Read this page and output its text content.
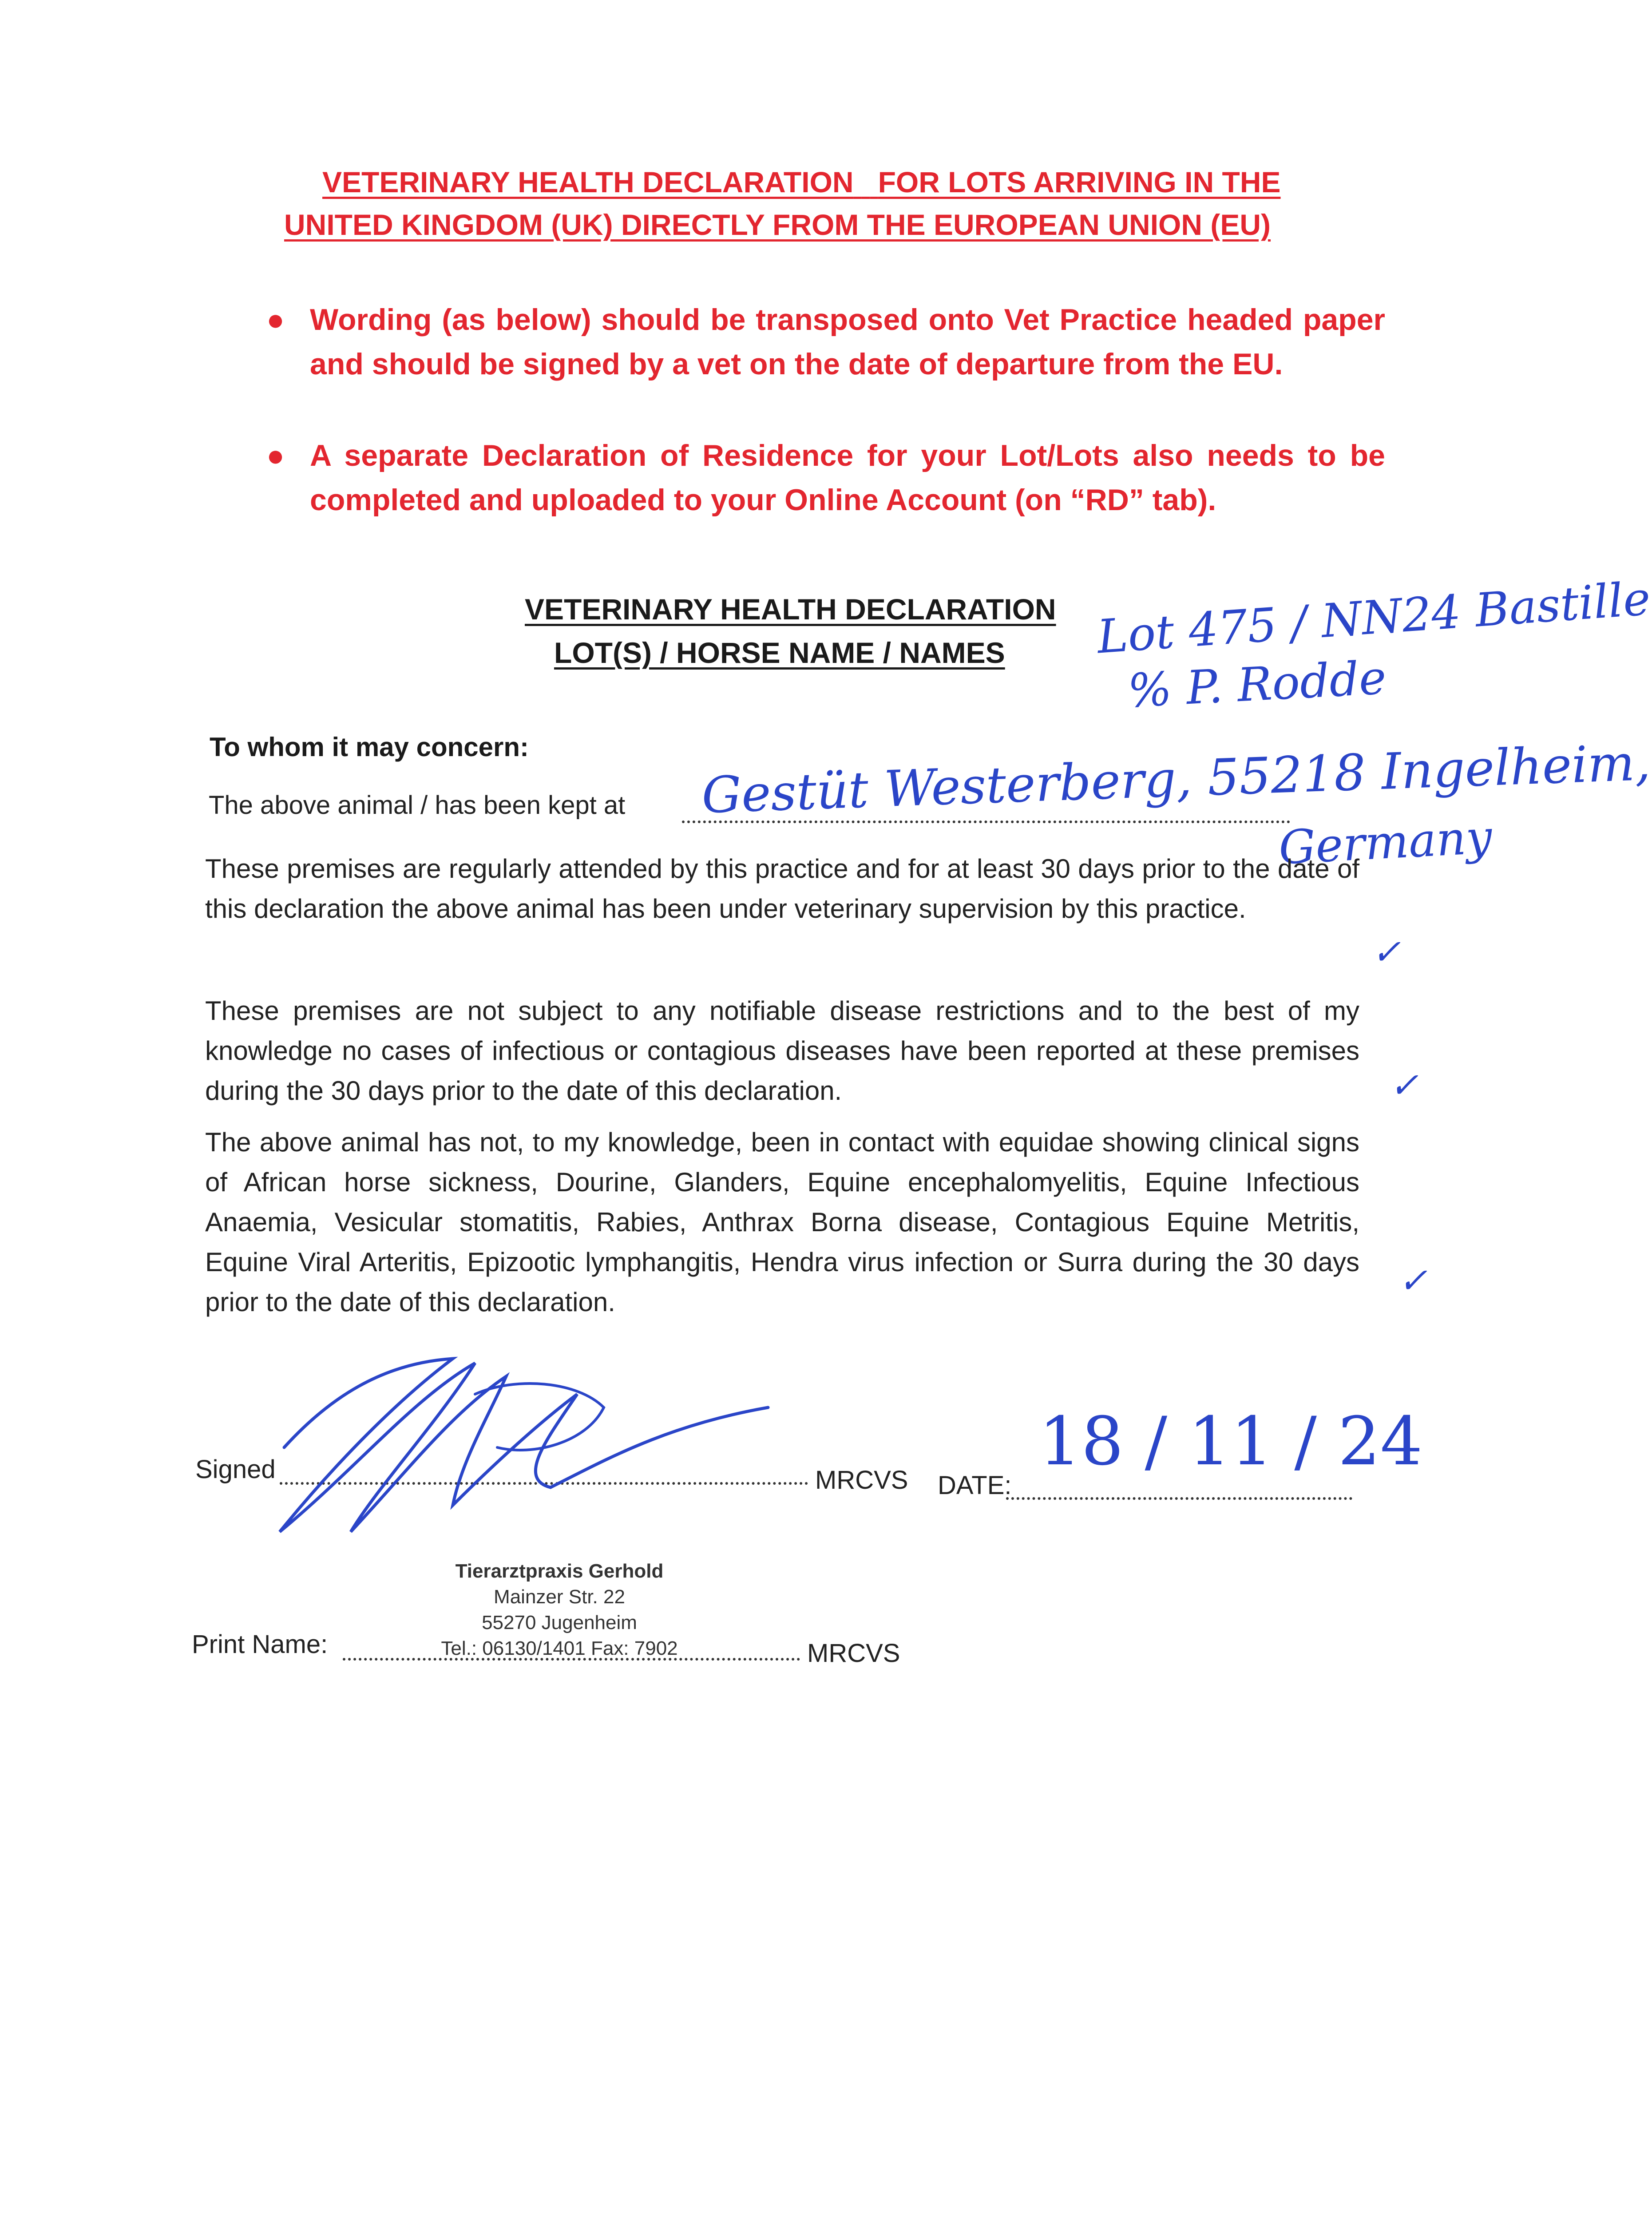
VETERINARY HEALTH DECLARATION FOR LOTS ARRIVING IN THE
UNITED KINGDOM (UK) DIRECTLY FROM THE EUROPEAN UNION (EU)
● Wording (as below) should be transposed onto Vet Practice headed paper and should be signed by a vet on the date of departure from the EU.
● A separate Declaration of Residence for your Lot/Lots also needs to be completed and uploaded to your Online Account (on “RD” tab).
VETERINARY HEALTH DECLARATION
LOT(S) / HORSE NAME / NAMES Lot 475 / NN24 Bastille
% P. Rodde
To whom it may concern:
The above animal / has been kept at Gestüt Westerberg, 55218 Ingelheim,
Germany
These premises are regularly attended by this practice and for at least 30 days prior to the date of this declaration the above animal has been under veterinary supervision by this practice.
✓
These premises are not subject to any notifiable disease restrictions and to the best of my knowledge no cases of infectious or contagious diseases have been reported at these premises during the 30 days prior to the date of this declaration.	✓
The above animal has not, to my knowledge, been in contact with equidae showing clinical signs of African horse sickness, Dourine, Glanders, Equine encephalomyelitis, Equine Infectious Anaemia, Vesicular stomatitis, Rabies, Anthrax Borna disease, Contagious Equine Metritis, Equine Viral Arteritis, Epizootic lymphangitis, Hendra virus infection or Surra during the 30 days prior to the date of this declaration.
✓
Signed	MRCVS DATE:
18 / 11 / 24
Tierarztpraxis Gerhold
Mainzer Str. 22
55270 Jugenheim
Tel.: 06130/1401 Fax: 7902
Print Name:	MRCVS
